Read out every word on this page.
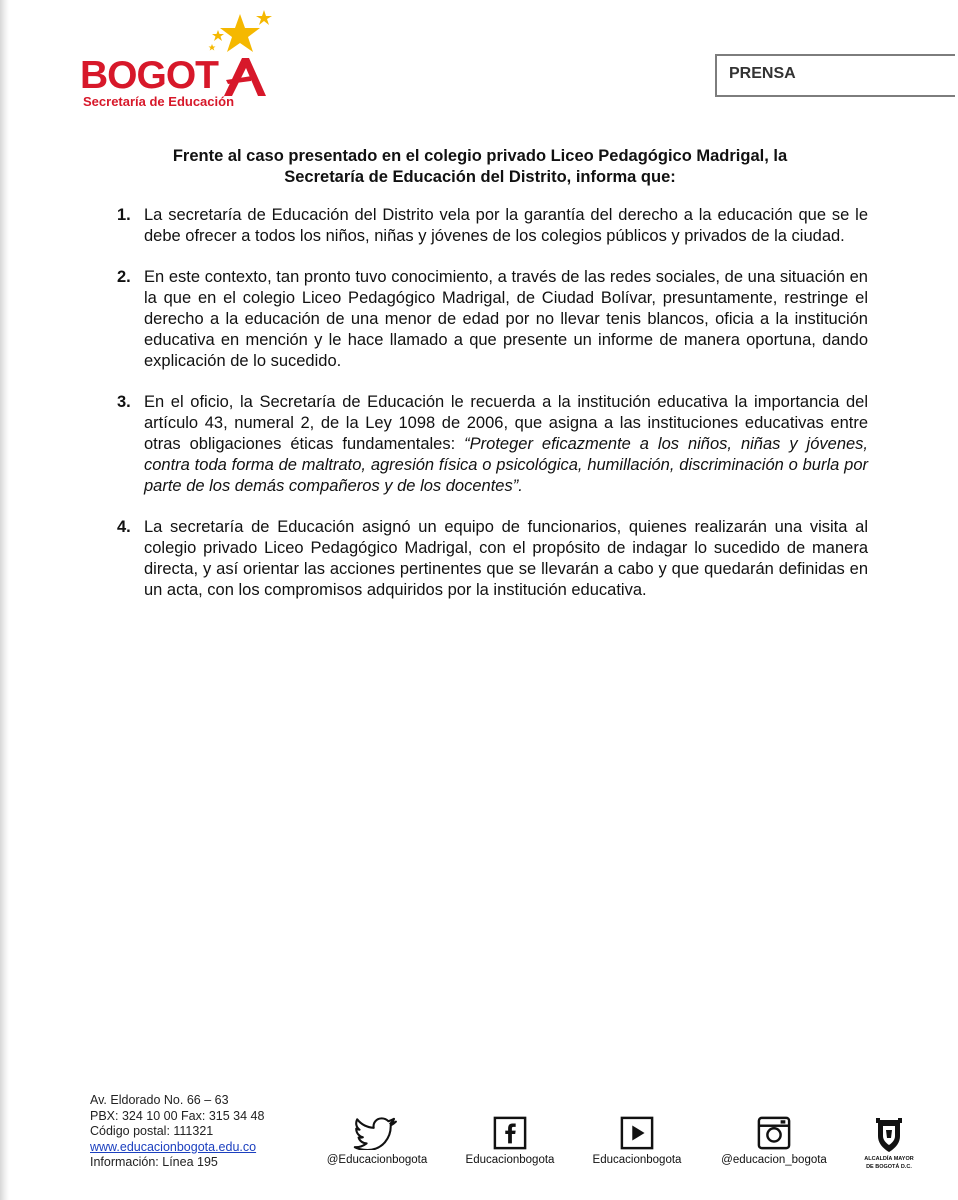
BOGOT
Secretaría de Educación
PRENSA
Frente al caso presentado en el colegio privado Liceo Pedagógico Madrigal, la
Secretaría de Educación del Distrito, informa que:
1. La secretaría de Educación del Distrito vela por la garantía del derecho a la educación que se le debe ofrecer a todos los niños, niñas y jóvenes de los colegios públicos y privados de la ciudad.
2. En este contexto, tan pronto tuvo conocimiento, a través de las redes sociales, de una situación en la que en el colegio Liceo Pedagógico Madrigal, de Ciudad Bolívar, presuntamente, restringe el derecho a la educación de una menor de edad por no llevar tenis blancos, oficia a la institución educativa en mención y le hace llamado a que presente un informe de manera oportuna, dando explicación de lo sucedido.
3. En el oficio, la Secretaría de Educación le recuerda a la institución educativa la importancia del artículo 43, numeral 2, de la Ley 1098 de 2006, que asigna a las instituciones educativas entre otras obligaciones éticas fundamentales: “Proteger eficazmente a los niños, niñas y jóvenes, contra toda forma de maltrato, agresión física o psicológica, humillación, discriminación o burla por parte de los demás compañeros y de los docentes”.
4. La secretaría de Educación asignó un equipo de funcionarios, quienes realizarán una visita al colegio privado Liceo Pedagógico Madrigal, con el propósito de indagar lo sucedido de manera directa, y así orientar las acciones pertinentes que se llevarán a cabo y que quedarán definidas en un acta, con los compromisos adquiridos por la institución educativa.
Av. Eldorado No. 66 – 63
PBX: 324 10 00 Fax: 315 34 48
Código postal: 111321
www.educacionbogota.edu.co
Información: Línea 195	@Educacionbogota	Educacionbogota	Educacionbogota	@educacion_bogota	ALCALDÍA MAYOR
DE BOGOTÁ D.C.
